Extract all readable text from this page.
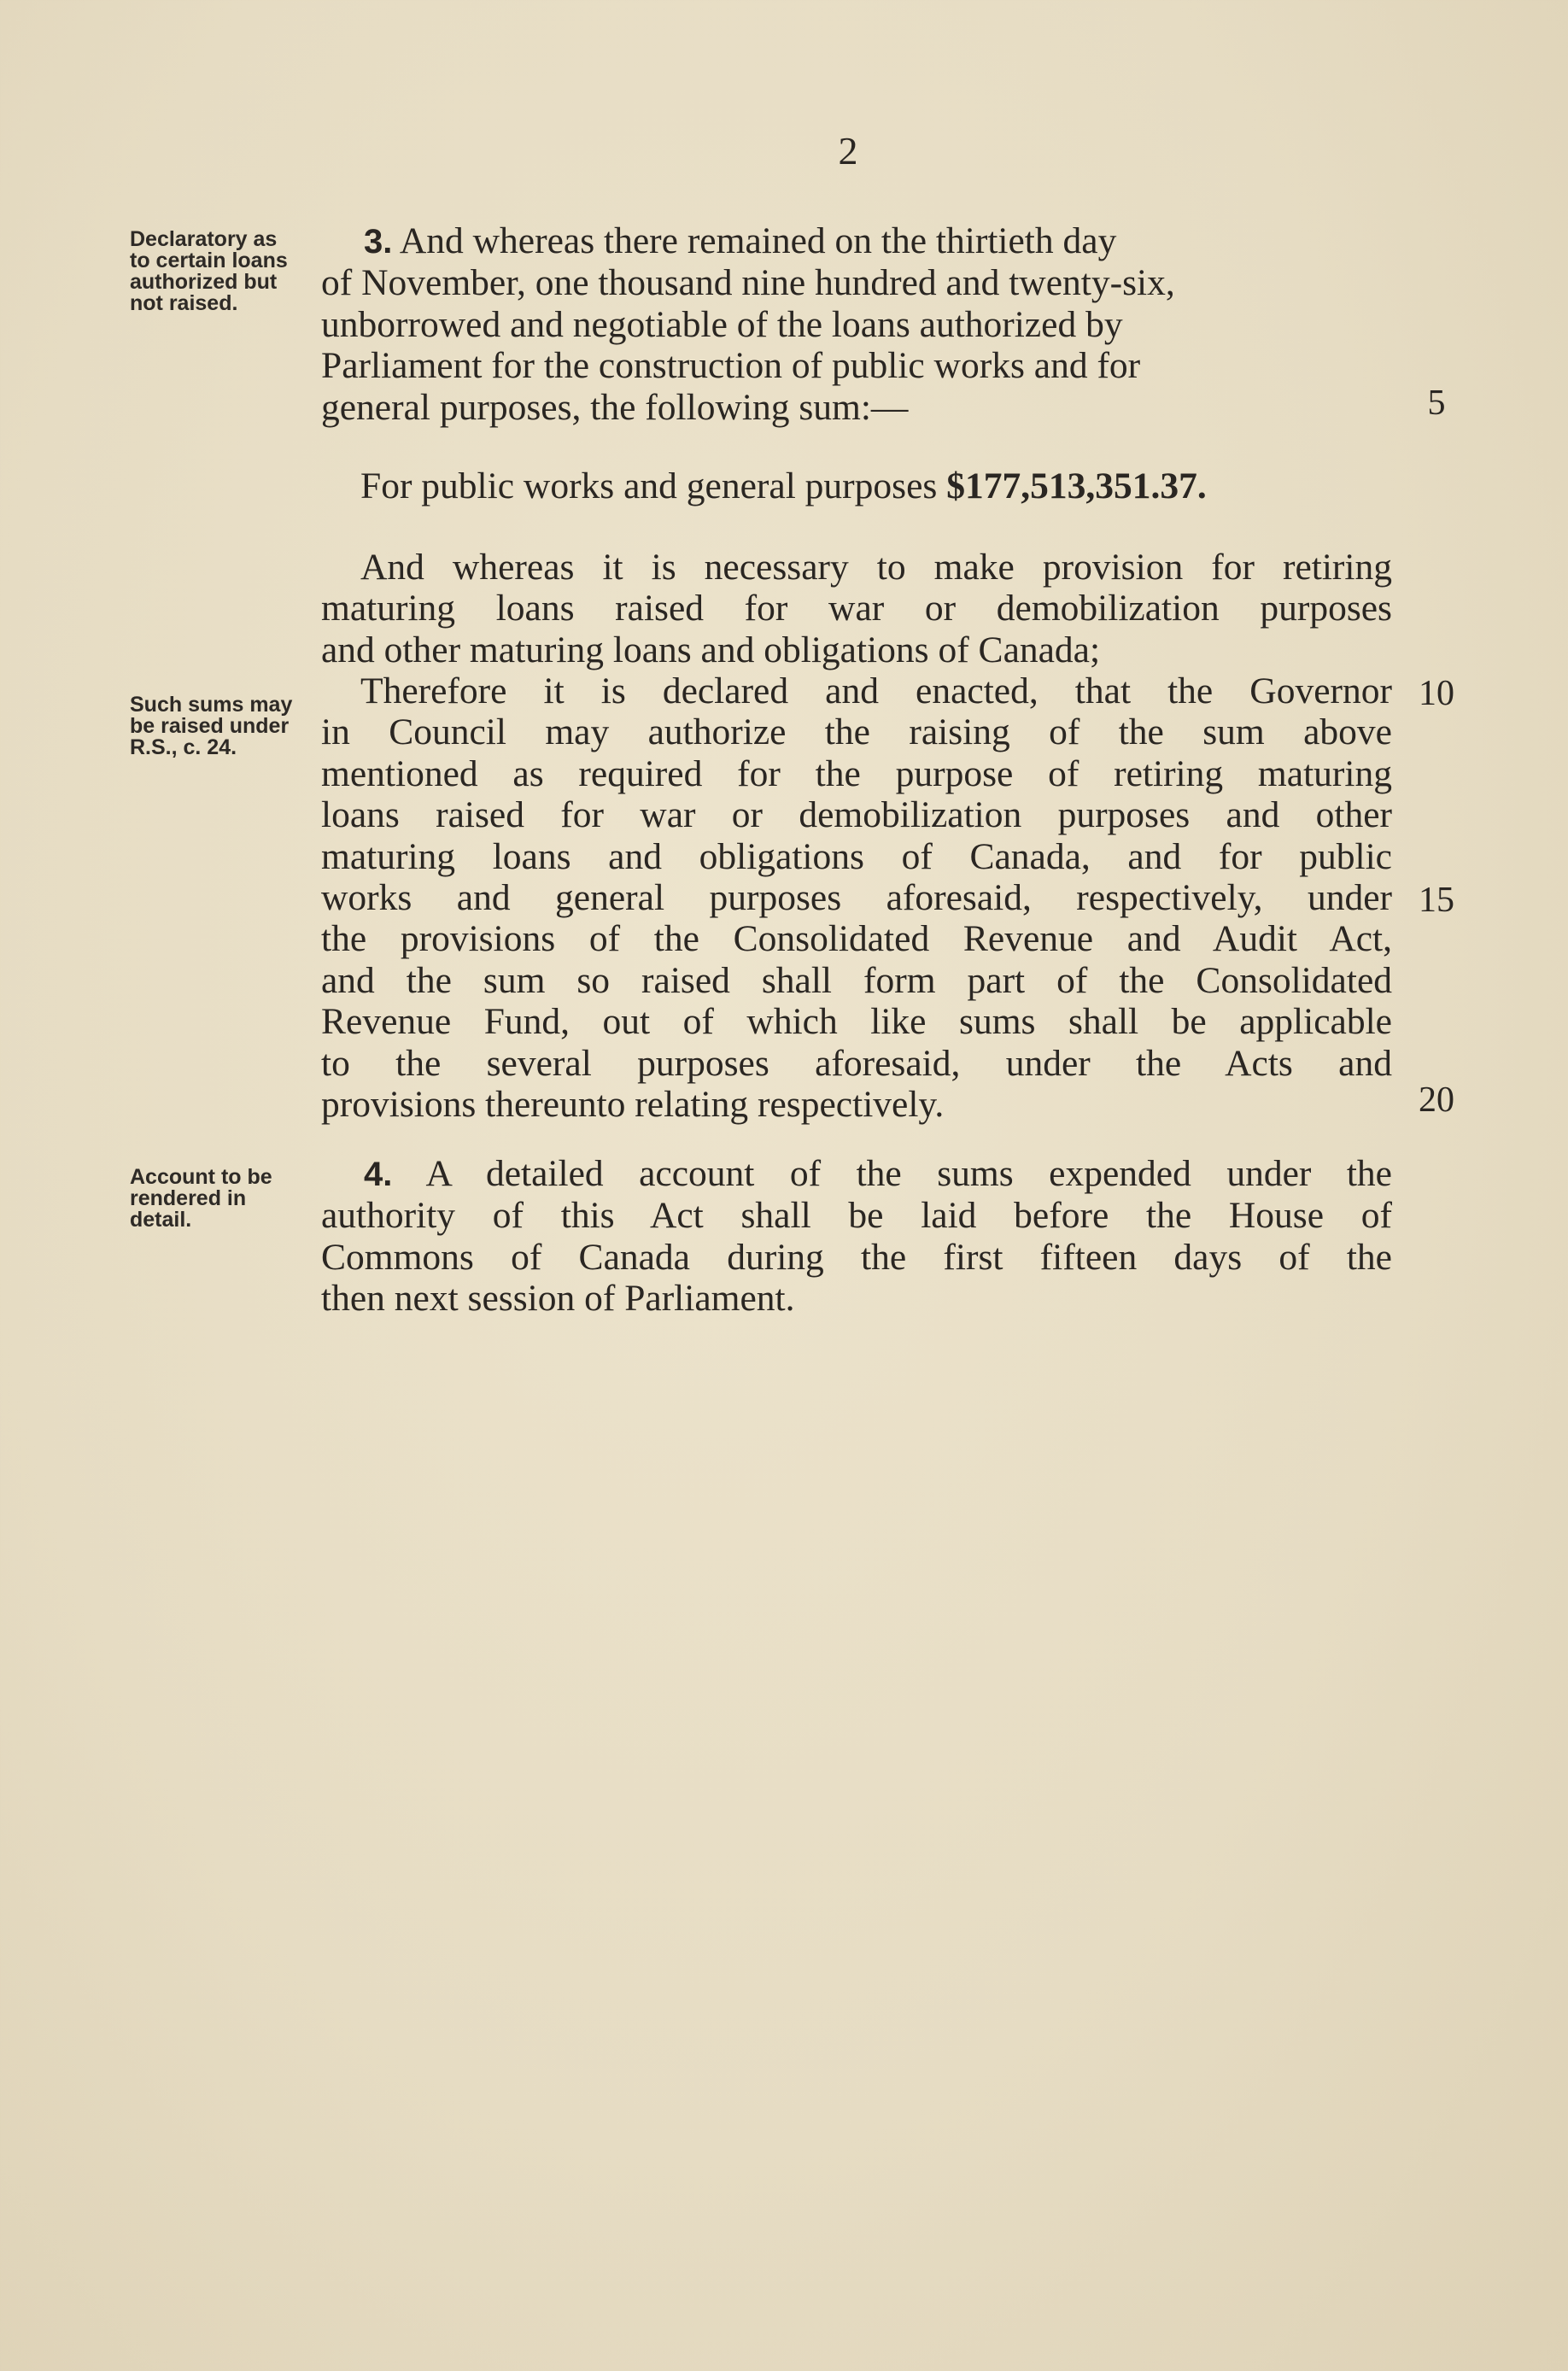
2
Declaratory as to certain loans authorized but not raised.
Such sums may be raised under R.S., c. 24.
Account to be rendered in detail.
3. And whereas there remained on the thirtieth day
of November, one thousand nine hundred and twenty-six,
unborrowed and negotiable of the loans authorized by
Parliament for the construction of public works and for
general purposes, the following sum:—	5
For public works and general purposes $177,513,351.37.
And whereas it is necessary to make provision for retiring
maturing loans raised for war or demobilization purposes
and other maturing loans and obligations of Canada;
Therefore it is declared and enacted, that the Governor
in Council may authorize the raising of the sum above
mentioned as required for the purpose of retiring maturing
loans raised for war or demobilization purposes and other
maturing loans and obligations of Canada, and for public
works and general purposes aforesaid, respectively, under
the provisions of the Consolidated Revenue and Audit Act,
and the sum so raised shall form part of the Consolidated
Revenue Fund, out of which like sums shall be applicable
to the several purposes aforesaid, under the Acts and
provisions thereunto relating respectively.
10
15
20
4. A detailed account of the sums expended under the
authority of this Act shall be laid before the House of
Commons of Canada during the first fifteen days of the
then next session of Parliament.
